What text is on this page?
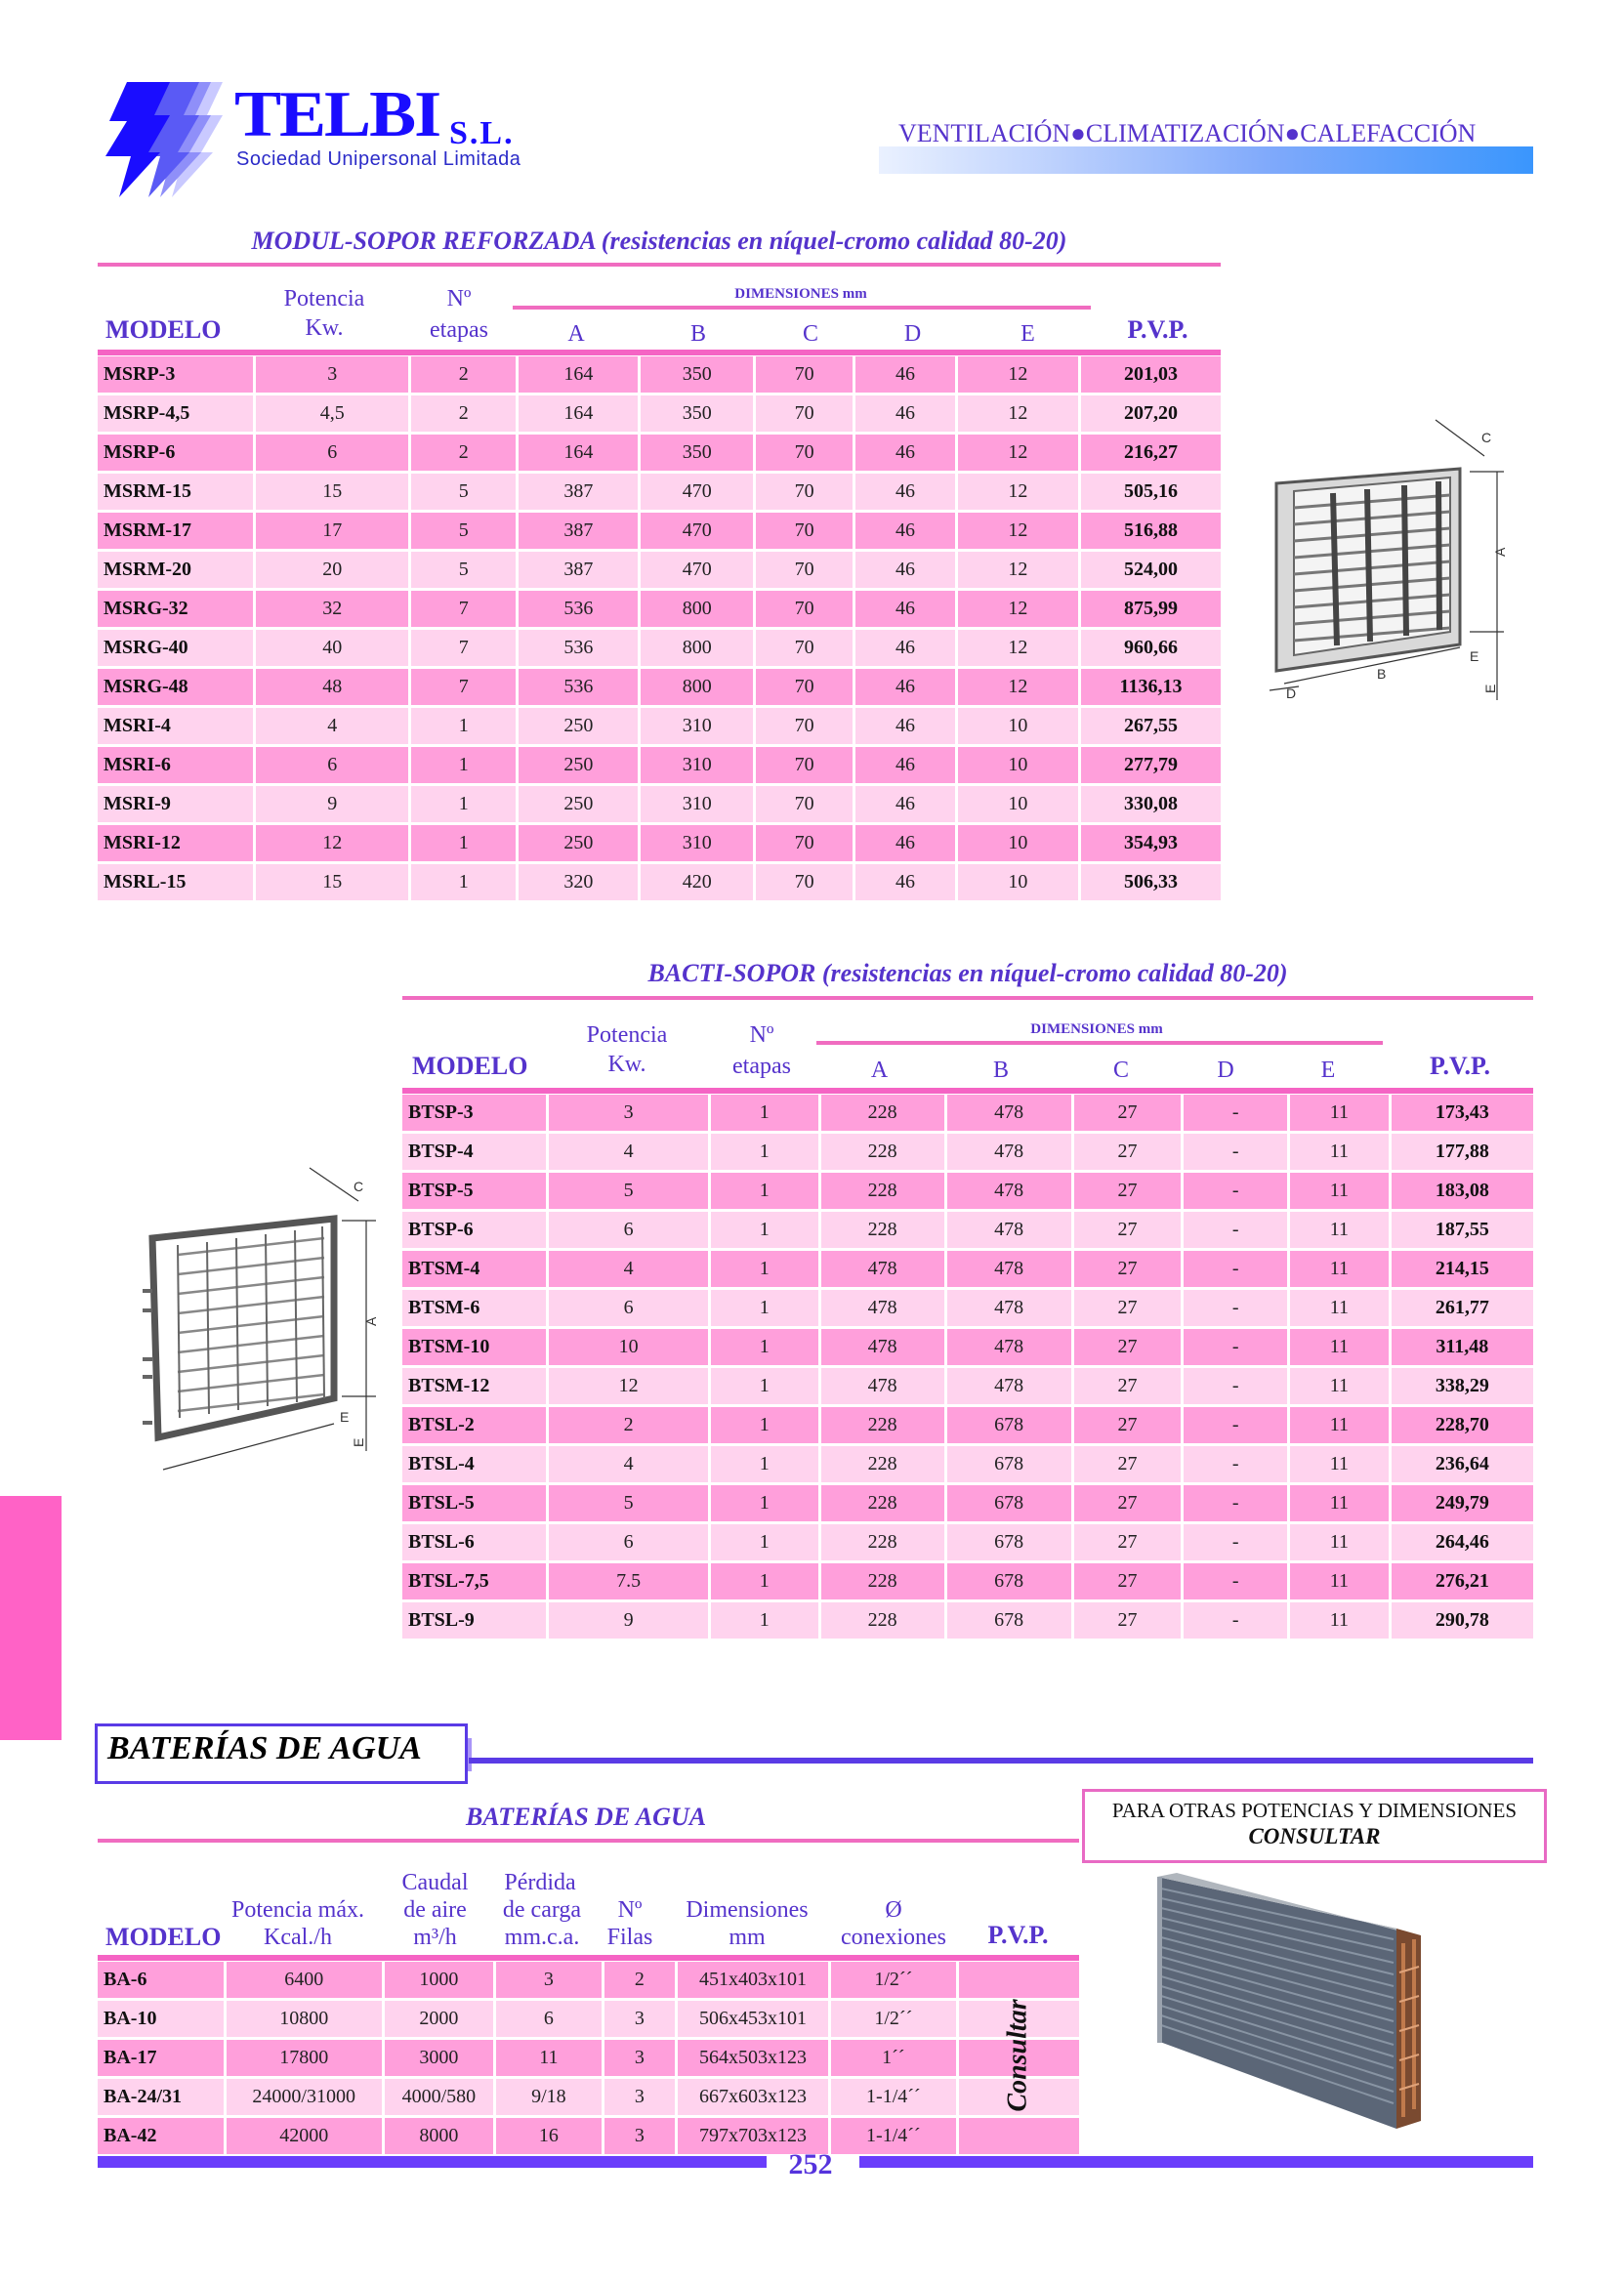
TELBI S.L.
Sociedad Unipersonal Limitada
VENTILACIÓN●CLIMATIZACIÓN●CALEFACCIÓN
MODUL-SOPOR REFORZADA (resistencias en níquel-cromo calidad 80-20)
Potencia
Kw.
Nº
etapas
DIMENSIONES mm
MODELO	A	B	C	D	E	P.V.P.
MSRP-3	3	2	164	350	70	46	12	201,03
MSRP-4,5	4,5	2	164	350	70	46	12	207,20
MSRP-6	6	2	164	350	70	46	12	216,27
MSRM-15	15	5	387	470	70	46	12	505,16
MSRM-17	17	5	387	470	70	46	12	516,88
MSRM-20	20	5	387	470	70	46	12	524,00
MSRG-32	32	7	536	800	70	46	12	875,99
MSRG-40	40	7	536	800	70	46	12	960,66
MSRG-48	48	7	536	800	70	46	12	1136,13
MSRI-4	4	1	250	310	70	46	10	267,55
MSRI-6	6	1	250	310	70	46	10	277,79
MSRI-9	9	1	250	310	70	46	10	330,08
MSRI-12	12	1	250	310	70	46	10	354,93
MSRL-15	15	1	320	420	70	46	10	506,33
C
A
B
D
E
E
BACTI-SOPOR (resistencias en níquel-cromo calidad 80-20)
Potencia
Kw.
Nº
etapas
DIMENSIONES mm
MODELO	A	B	C	D	E	P.V.P.
BTSP-3	3	1	228	478	27	-	11	173,43
BTSP-4	4	1	228	478	27	-	11	177,88
BTSP-5	5	1	228	478	27	-	11	183,08
BTSP-6	6	1	228	478	27	-	11	187,55
BTSM-4	4	1	478	478	27	-	11	214,15
BTSM-6	6	1	478	478	27	-	11	261,77
BTSM-10	10	1	478	478	27	-	11	311,48
BTSM-12	12	1	478	478	27	-	11	338,29
BTSL-2	2	1	228	678	27	-	11	228,70
BTSL-4	4	1	228	678	27	-	11	236,64
BTSL-5	5	1	228	678	27	-	11	249,79
BTSL-6	6	1	228	678	27	-	11	264,46
BTSL-7,5	7.5	1	228	678	27	-	11	276,21
BTSL-9	9	1	228	678	27	-	11	290,78
C
A
E
E
BATERÍAS DE AGUA
BATERÍAS DE AGUA	PARA OTRAS POTENCIAS Y DIMENSIONES
CONSULTAR
Caudal	Pérdida
Potencia máx.	de aire	de carga	Nº	Dimensiones	Ø
MODELO	Kcal./h	m³/h	mm.c.a.	Filas	mm	conexiones	P.V.P.
BA-6	6400	1000	3	2	451x403x101	1/2´´	
BA-10	10800	2000	6	3	506x453x101	1/2´´	
BA-17	17800	3000	11	3	564x503x123	1´´	
BA-24/31	24000/31000	4000/580	9/18	3	667x603x123	1-1/4´´	
BA-42	42000	8000	16	3	797x703x123	1-1/4´´	
Consultar
252
